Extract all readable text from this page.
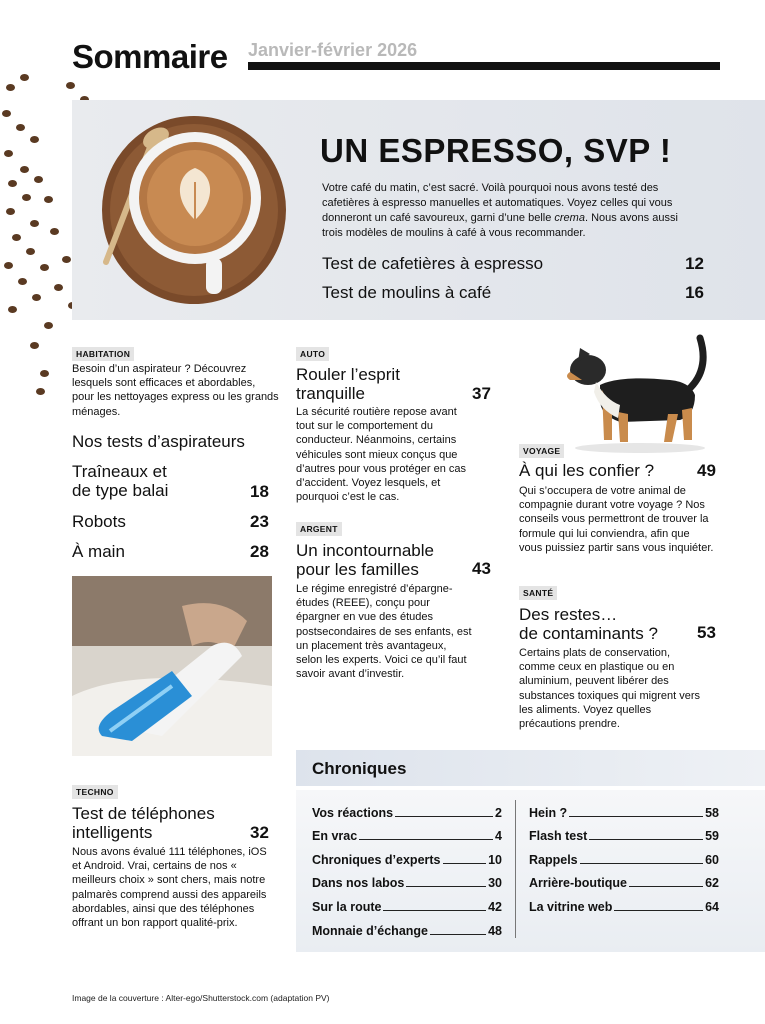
Sommaire Janvier-février 2026
UN ESPRESSO, SVP !
Votre café du matin, c’est sacré. Voilà pourquoi nous avons testé des cafetières à espresso manuelles et automatiques. Voyez celles qui vous donneront un café savoureux, garni d’une belle crema. Nous avons aussi trois modèles de moulins à café à vous recommander.
Test de cafetières à espresso	12
Test de moulins à café	16
HABITATION
Besoin d’un aspirateur ? Découvrez lesquels sont efficaces et abordables, pour les nettoyages express ou les grands ménages.
Nos tests d’aspirateurs
Traîneaux et
de type balai	18
Robots	23
À main	28
AUTO
Rouler l’esprit
tranquille	37
La sécurité routière repose avant tout sur le comportement du conducteur. Néanmoins, certains véhicules sont mieux conçus que d’autres pour vous protéger en cas d’accident. Voyez lesquels, et pourquoi c’est le cas.
ARGENT
Un incontournable
pour les familles	43
Le régime enregistré d’épargne-études (REEE), conçu pour épargner en vue des études postsecondaires de ses enfants, est un placement très avantageux, selon les experts. Voici ce qu’il faut savoir avant d’investir.
VOYAGE
À qui les confier ?	49
Qui s’occupera de votre animal de compagnie durant votre voyage ? Nos conseils vous permettront de trouver la formule qui lui conviendra, afin que vous puissiez partir sans vous inquiéter.
SANTÉ
Des restes…
de contaminants ? 53
Certains plats de conservation, comme ceux en plastique ou en aluminium, peuvent libérer des substances toxiques qui migrent vers les aliments. Voyez quelles précautions prendre.
TECHNO
Test de téléphones
intelligents	32
Nous avons évalué 111 téléphones, iOS et Android. Vrai, certains de nos « meilleurs choix » sont chers, mais notre palmarès comprend aussi des appareils abordables, ainsi que des téléphones offrant un bon rapport qualité-prix.
Chroniques
Vos réactions	2
En vrac	4
Chroniques d’experts	10
Dans nos labos	30
Sur la route	42
Monnaie d’échange	48
Hein ?	58
Flash test	59
Rappels	60
Arrière-boutique	62
La vitrine web	64
Image de la couverture : Alter-ego/Shutterstock.com (adaptation PV)
